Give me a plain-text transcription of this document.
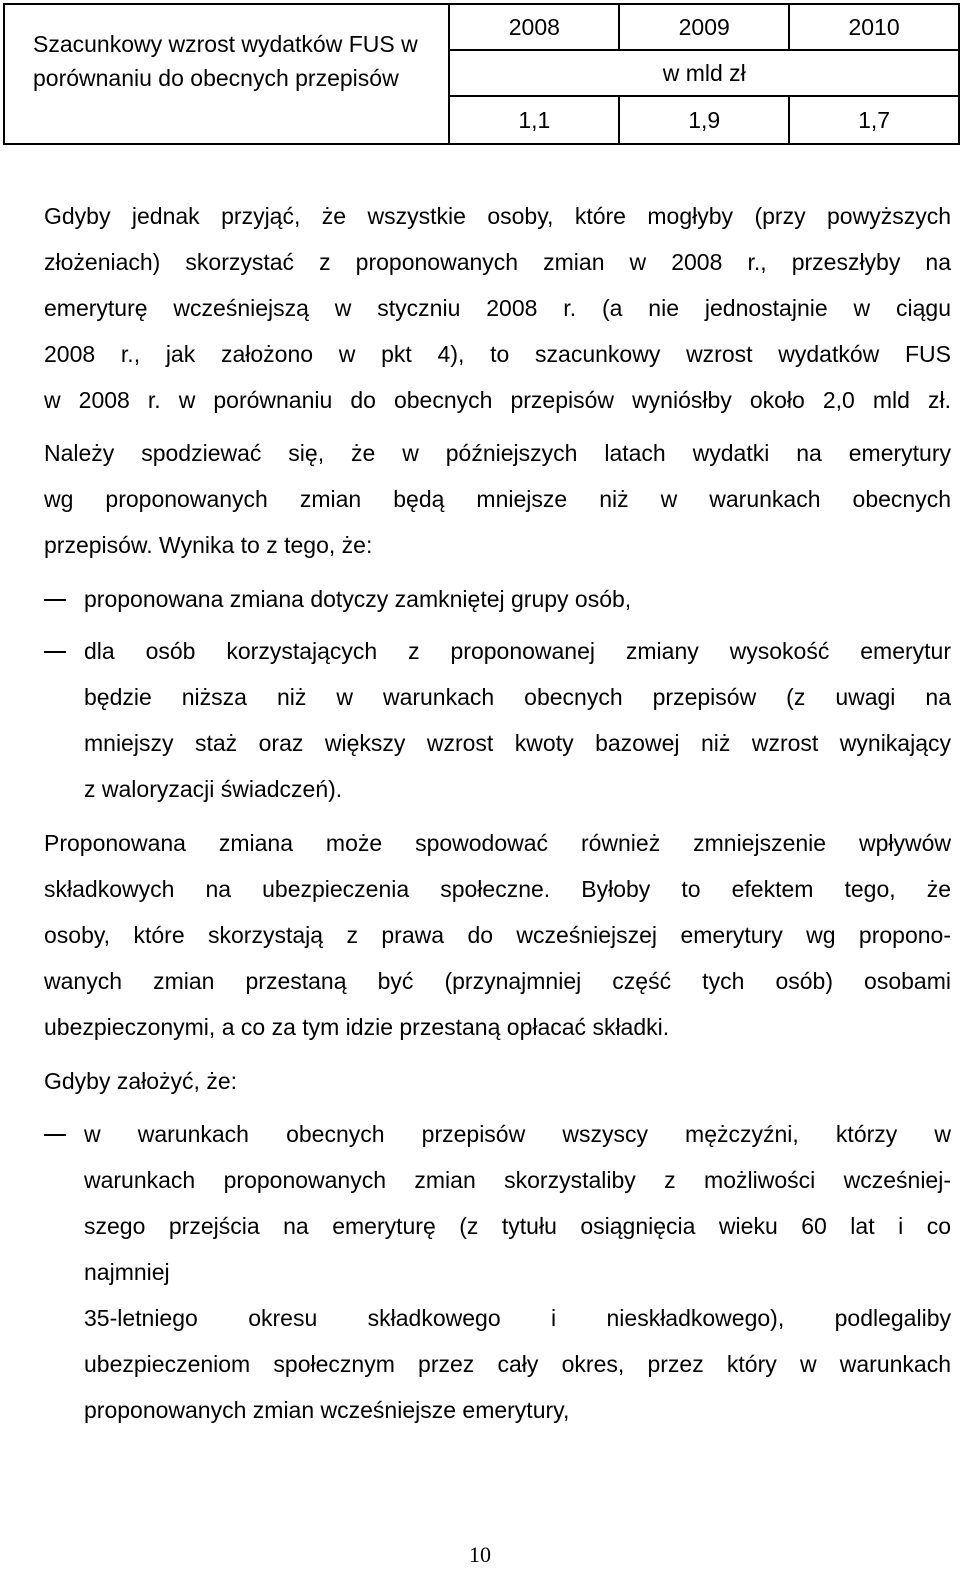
Szacunkowy wzrost wydatków FUS w porównaniu do obecnych przepisów	2008	2009	2010
	w mld zł		
	1,1	1,9	1,7
Gdyby jednak przyjąć, że wszystkie osoby, które mogłyby (przy powyższych
złożeniach) skorzystać z proponowanych zmian w 2008 r., przeszłyby na
emeryturę wcześniejszą w styczniu 2008 r. (a nie jednostajnie w ciągu
2008 r., jak założono w pkt 4), to szacunkowy wzrost wydatków FUS
w 2008 r. w porównaniu do obecnych przepisów wyniósłby około 2,0 mld zł.
Należy spodziewać się, że w późniejszych latach wydatki na emerytury
wg proponowanych zmian będą mniejsze niż w warunkach obecnych
przepisów. Wynika to z tego, że:
proponowana zmiana dotyczy zamkniętej grupy osób,
dla osób korzystających z proponowanej zmiany wysokość emerytur
będzie niższa niż w warunkach obecnych przepisów (z uwagi na
mniejszy staż oraz większy wzrost kwoty bazowej niż wzrost wynikający
z waloryzacji świadczeń).
Proponowana zmiana może spowodować również zmniejszenie wpływów
składkowych na ubezpieczenia społeczne. Byłoby to efektem tego, że
osoby, które skorzystają z prawa do wcześniejszej emerytury wg propono-
wanych zmian przestaną być (przynajmniej część tych osób) osobami
ubezpieczonymi, a co za tym idzie przestaną opłacać składki.
Gdyby założyć, że:
w warunkach obecnych przepisów wszyscy mężczyźni, którzy w
warunkach proponowanych zmian skorzystaliby z możliwości wcześniej-
szego przejścia na emeryturę (z tytułu osiągnięcia wieku 60 lat i co
najmniej
35-letniego okresu składkowego i nieskładkowego), podlegaliby
ubezpieczeniom społecznym przez cały okres, przez który w warunkach
proponowanych zmian wcześniejsze emerytury,
10
